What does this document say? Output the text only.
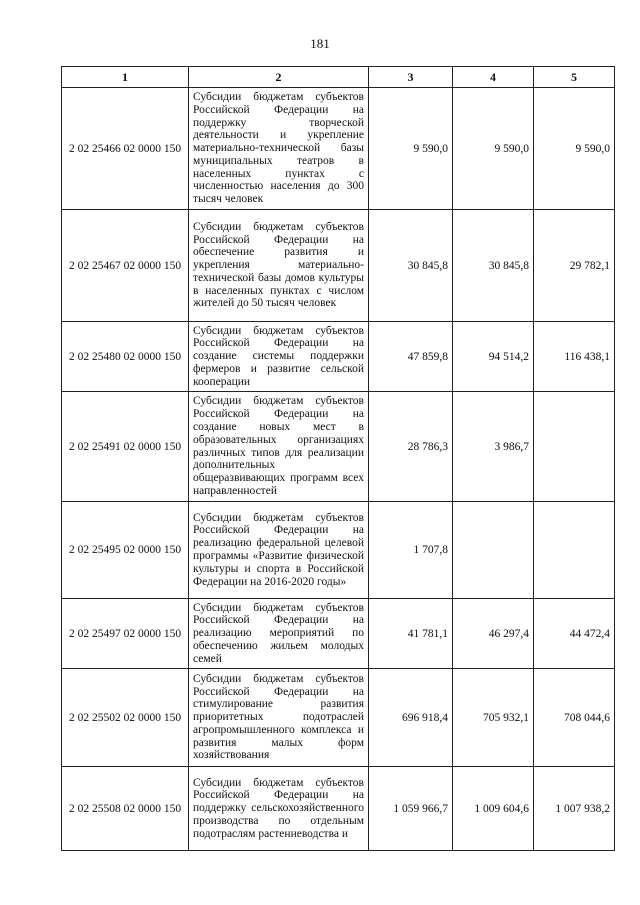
181
1	2	3	4	5
2 02 25466 02 0000 150	Субсидии бюджетам субъектов Российской Федерации на поддержку творческой деятельности и укрепление материально-технической базы муниципальных театров в населенных пунктах с численностью населения до 300 тысяч человек	9 590,0	9 590,0	9 590,0
2 02 25467 02 0000 150	Субсидии бюджетам субъектов Российской Федерации на обеспечение развития и укрепления материально-технической базы домов культуры в населенных пунктах с числом жителей до 50 тысяч человек	30 845,8	30 845,8	29 782,1
2 02 25480 02 0000 150	Субсидии бюджетам субъектов Российской Федерации на создание системы поддержки фермеров и развитие сельской кооперации	47 859,8	94 514,2	116 438,1
2 02 25491 02 0000 150	Субсидии бюджетам субъектов Российской Федерации на создание новых мест в образовательных организациях различных типов для реализации дополнительных общеразвивающих программ всех направленностей	28 786,3	3 986,7	
2 02 25495 02 0000 150	Субсидии бюджетам субъектов Российской Федерации на реализацию федеральной целевой программы «Развитие физической культуры и спорта в Российской Федерации на 2016-2020 годы»	1 707,8		
2 02 25497 02 0000 150	Субсидии бюджетам субъектов Российской Федерации на реализацию мероприятий по обеспечению жильем молодых семей	41 781,1	46 297,4	44 472,4
2 02 25502 02 0000 150	Субсидии бюджетам субъектов Российской Федерации на стимулирование развития приоритетных подотраслей агропромышленного комплекса и развития малых форм хозяйствования	696 918,4	705 932,1	708 044,6
2 02 25508 02 0000 150	Субсидии бюджетам субъектов Российской Федерации на поддержку сельскохозяйственного производства по отдельным подотраслям растениеводства и	1 059 966,7	1 009 604,6	1 007 938,2
